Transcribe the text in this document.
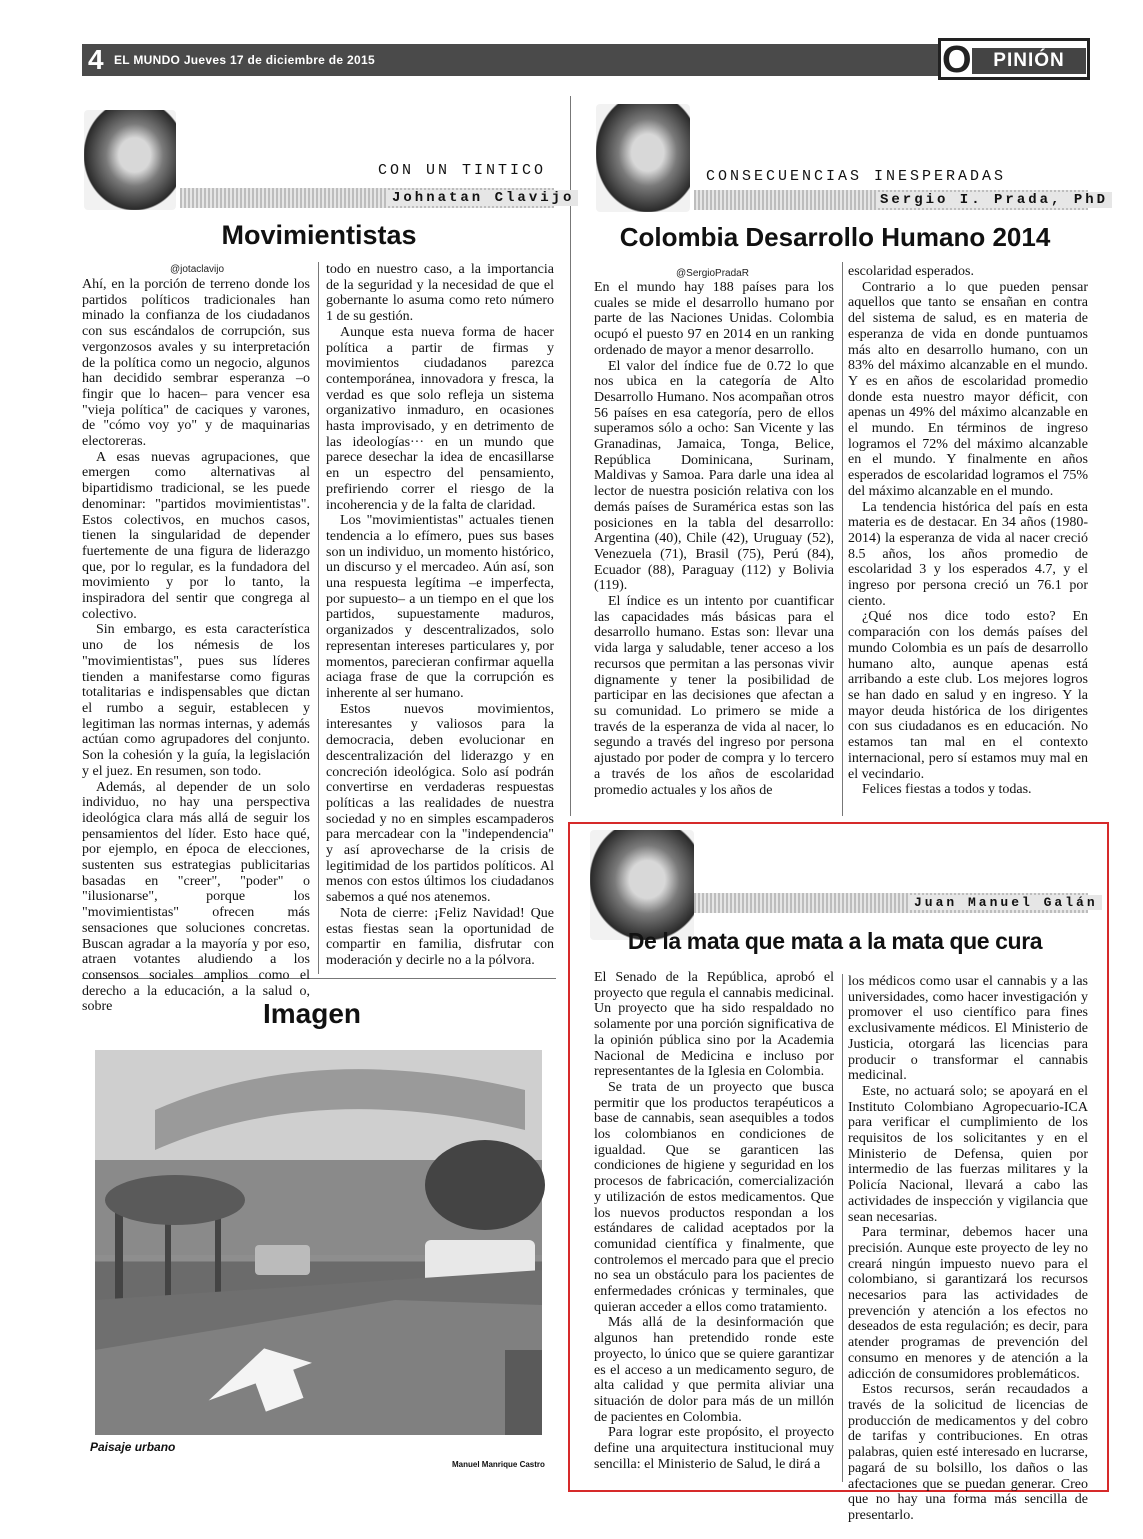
4 EL MUNDO Jueves 17 de diciembre de 2015	O	PINIÓN
CON UN TINTICO
Johnatan Clavijo
Movimientistas
@jotaclavijo

Ahí, en la porción de terreno donde los partidos políticos tradicionales han minado la confianza de los ciudadanos con sus escándalos de corrupción, sus vergonzosos avales y su interpretación de la política como un negocio, algunos han decidido sembrar esperanza –o fingir que lo hacen– para vencer esa "vieja política" de caciques y varones, de "cómo voy yo" y de maquinarias electoreras.

A esas nuevas agrupaciones, que emergen como alternativas al bipartidismo tradicional, se les puede denominar: "partidos movimientistas". Estos colectivos, en muchos casos, tienen la singularidad de depender fuertemente de una figura de liderazgo que, por lo regular, es la fundadora del movimiento y por lo tanto, la inspiradora del sentir que congrega al colectivo.

Sin embargo, es esta característica uno de los némesis de los "movimientistas", pues sus líderes tienden a manifestarse como figuras totalitarias e indispensables que dictan el rumbo a seguir, establecen y legitiman las normas internas, y además actúan como agrupadores del conjunto. Son la cohesión y la guía, la legislación y el juez. En resumen, son todo.

Además, al depender de un solo individuo, no hay una perspectiva ideológica clara más allá de seguir los pensamientos del líder. Esto hace qué, por ejemplo, en época de elecciones, sustenten sus estrategias publicitarias basadas en "creer", "poder" o "ilusionarse", porque los "movimientistas" ofrecen más sensaciones que soluciones concretas. Buscan agradar a la mayoría y por eso, atraen votantes aludiendo a los consensos sociales amplios como el derecho a la educación, a la salud o, sobre

todo en nuestro caso, a la importancia de la seguridad y la necesidad de que el gobernante lo asuma como reto número 1 de su gestión.

Aunque esta nueva forma de hacer política a partir de firmas y movimientos ciudadanos parezca contemporánea, innovadora y fresca, la verdad es que solo refleja un sistema organizativo inmaduro, en ocasiones hasta improvisado, y en detrimento de las ideologías··· en un mundo que parece desechar la idea de encasillarse en un espectro del pensamiento, prefiriendo correr el riesgo de la incoherencia y de la falta de claridad.

Los "movimientistas" actuales tienen tendencia a lo efímero, pues sus bases son un individuo, un momento histórico, un discurso y el mercadeo. Aún así, son una respuesta legítima –e imperfecta, por supuesto– a un tiempo en el que los partidos, supuestamente maduros, organizados y descentralizados, solo representan intereses particulares y, por momentos, parecieran confirmar aquella aciaga frase de que la corrupción es inherente al ser humano.

Estos nuevos movimientos, interesantes y valiosos para la democracia, deben evolucionar en descentralización del liderazgo y en concreción ideológica. Solo así podrán convertirse en verdaderas respuestas políticas a las realidades de nuestra sociedad y no en simples escampaderos para mercadear con la "independencia" y así aprovecharse de la crisis de legitimidad de los partidos políticos. Al menos con estos últimos los ciudadanos sabemos a qué nos atenemos.

Nota de cierre: ¡Feliz Navidad! Que estas fiestas sean la oportunidad de compartir en familia, disfrutar con moderación y decirle no a la pólvora.

CONSECUENCIAS INESPERADAS
Sergio I. Prada, PhD
Colombia Desarrollo Humano 2014
@SergioPradaR

En el mundo hay 188 países para los cuales se mide el desarrollo humano por parte de las Naciones Unidas. Colombia ocupó el puesto 97 en 2014 en un ranking ordenado de mayor a menor desarrollo.

El valor del índice fue de 0.72 lo que nos ubica en la categoría de Alto Desarrollo Humano. Nos acompañan otros 56 países en esa categoría, pero de ellos superamos sólo a ocho: San Vicente y las Granadinas, Jamaica, Tonga, Belice, República Dominicana, Surinam, Maldivas y Samoa. Para darle una idea al lector de nuestra posición relativa con los demás países de Suramérica estas son las posiciones en la tabla del desarrollo: Argentina (40), Chile (42), Uruguay (52), Venezuela (71), Brasil (75), Perú (84), Ecuador (88), Paraguay (112) y Bolivia (119).

El índice es un intento por cuantificar las capacidades más básicas para el desarrollo humano. Estas son: llevar una vida larga y saludable, tener acceso a los recursos que permitan a las personas vivir dignamente y tener la posibilidad de participar en las decisiones que afectan a su comunidad. Lo primero se mide a través de la esperanza de vida al nacer, lo segundo a través del ingreso por persona ajustado por poder de compra y lo tercero a través de los años de escolaridad promedio actuales y los años de

escolaridad esperados.

Contrario a lo que pueden pensar aquellos que tanto se ensañan en contra del sistema de salud, es en materia de esperanza de vida en donde puntuamos más alto en desarrollo humano, con un 83% del máximo alcanzable en el mundo. Y es en años de escolaridad promedio donde esta nuestro mayor déficit, con apenas un 49% del máximo alcanzable en el mundo. En términos de ingreso logramos el 72% del máximo alcanzable en el mundo. Y finalmente en años esperados de escolaridad logramos el 75% del máximo alcanzable en el mundo.

La tendencia histórica del país en esta materia es de destacar. En 34 años (1980-2014) la esperanza de vida al nacer creció 8.5 años, los años promedio de escolaridad 3 y los esperados 4.7, y el ingreso por persona creció un 76.1 por ciento.

¿Qué nos dice todo esto? En comparación con los demás países del mundo Colombia es un país de desarrollo humano alto, aunque apenas está arribando a este club. Los mejores logros se han dado en salud y en ingreso. Y la mayor deuda histórica de los dirigentes con sus ciudadanos es en educación. No estamos tan mal en el contexto internacional, pero sí estamos muy mal en el vecindario.

Felices fiestas a todos y todas.

Juan Manuel Galán
De la mata que mata a la mata que cura

El Senado de la República, aprobó el proyecto que regula el cannabis medicinal. Un proyecto que ha sido respaldado no solamente por una porción significativa de la opinión pública sino por la Academia Nacional de Medicina e incluso por representantes de la Iglesia en Colombia.

Se trata de un proyecto que busca permitir que los productos terapéuticos a base de cannabis, sean asequibles a todos los colombianos en condiciones de igualdad. Que se garanticen las condiciones de higiene y seguridad en los procesos de fabricación, comercialización y utilización de estos medicamentos. Que los nuevos productos respondan a los estándares de calidad aceptados por la comunidad científica y finalmente, que controlemos el mercado para que el precio no sea un obstáculo para los pacientes de enfermedades crónicas y terminales, que quieran acceder a ellos como tratamiento.

Más allá de la desinformación que algunos han pretendido ronde este proyecto, lo único que se quiere garantizar es el acceso a un medicamento seguro, de alta calidad y que permita aliviar una situación de dolor para más de un millón de pacientes en Colombia.

Para lograr este propósito, el proyecto define una arquitectura institucional muy sencilla: el Ministerio de Salud, le dirá a

los médicos como usar el cannabis y a las universidades, como hacer investigación y promover el uso científico para fines exclusivamente médicos. El Ministerio de Justicia, otorgará las licencias para producir o transformar el cannabis medicinal.

Este, no actuará solo; se apoyará en el Instituto Colombiano Agropecuario-ICA para verificar el cumplimiento de los requisitos de los solicitantes y en el Ministerio de Defensa, quien por intermedio de las fuerzas militares y la Policía Nacional, llevará a cabo las actividades de inspección y vigilancia que sean necesarias.

Para terminar, debemos hacer una precisión. Aunque este proyecto de ley no creará ningún impuesto nuevo para el colombiano, si garantizará los recursos necesarios para las actividades de prevención y atención a los efectos no deseados de esta regulación; es decir, para atender programas de prevención del consumo en menores y de atención a la adicción de consumidores problemáticos.

Estos recursos, serán recaudados a través de la solicitud de licencias de producción de medicamentos y del cobro de tarifas y contribuciones. En otras palabras, quien esté interesado en lucrarse, pagará de su bolsillo, los daños o las afectaciones que se puedan generar. Creo que no hay una forma más sencilla de presentarlo.

Imagen
Paisaje urbano
Manuel Manrique Castro
